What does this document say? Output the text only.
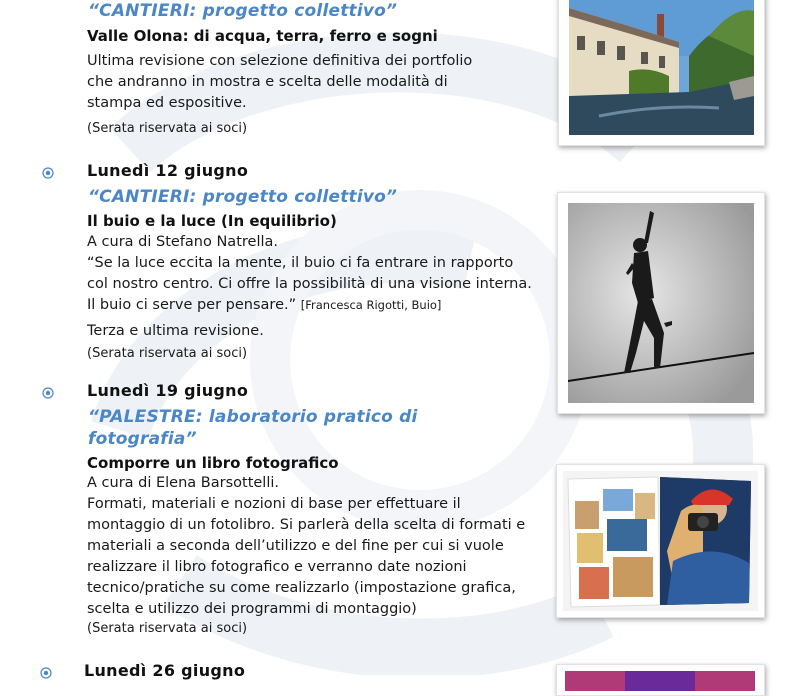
“CANTIERI: progetto collettivo”
Valle Olona: di acqua, terra, ferro e sogni
Ultima revisione con selezione definitiva dei portfolio che andranno in mostra e scelta delle modalità di stampa ed espositive.
(Serata riservata ai soci)
Lunedì 12 giugno
“CANTIERI: progetto collettivo”
Il buio e la luce (In equilibrio)
A cura di Stefano Natrella.
“Se la luce eccita la mente, il buio ci fa entrare in rapporto col nostro centro. Ci offre la possibilità di una visione interna. Il buio ci serve per pensare.” [Francesca Rigotti, Buio]
Terza e ultima revisione.
(Serata riservata ai soci)
Lunedì 19 giugno
“PALESTRE: laboratorio pratico di fotografia”
Comporre un libro fotografico
A cura di Elena Barsottelli.
Formati, materiali e nozioni di base per effettuare il montaggio di un fotolibro. Si parlerà della scelta di formati e materiali a seconda dell’utilizzo e del fine per cui si vuole realizzare il libro fotografico e verranno date nozioni tecnico/pratiche su come realizzarlo (impostazione grafica, scelta e utilizzo dei programmi di montaggio)
(Serata riservata ai soci)
Lunedì 26 giugno
